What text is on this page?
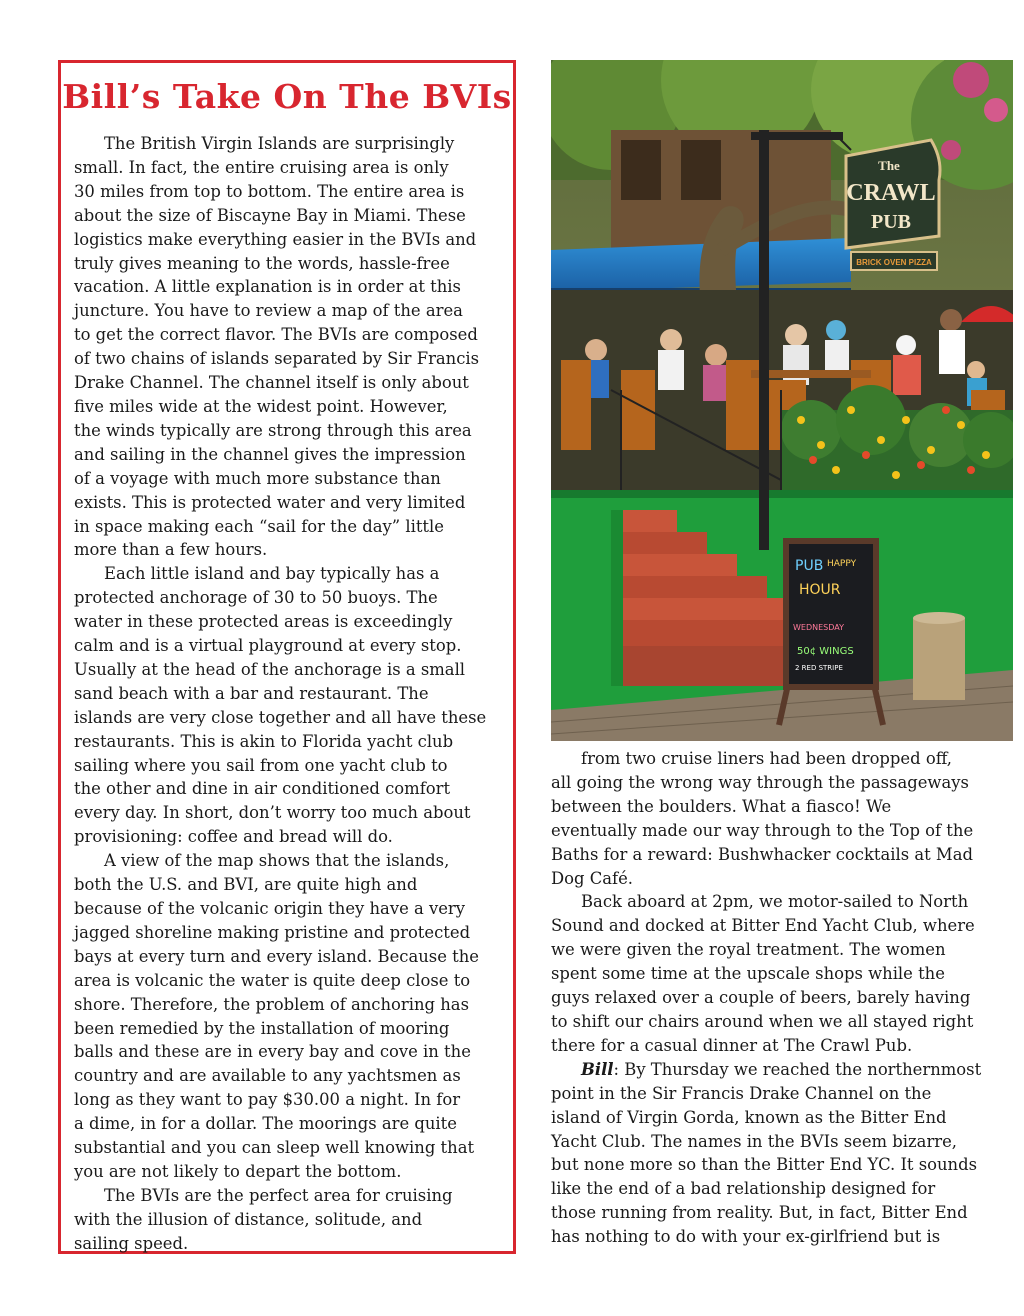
Bill’s Take On The BVIs

The British Virgin Islands are surprisingly
small. In fact, the entire cruising area is only
30 miles from top to bottom. The entire area is
about the size of Biscayne Bay in Miami. These
logistics make everything easier in the BVIs and
truly gives meaning to the words, hassle-free
vacation. A little explanation is in order at this
juncture. You have to review a map of the area
to get the correct flavor. The BVIs are composed
of two chains of islands separated by Sir Francis
Drake Channel. The channel itself is only about
five miles wide at the widest point. However,
the winds typically are strong through this area
and sailing in the channel gives the impression
of a voyage with much more substance than
exists. This is protected water and very limited
in space making each “sail for the day” little
more than a few hours.

Each little island and bay typically has a
protected anchorage of 30 to 50 buoys. The
water in these protected areas is exceedingly
calm and is a virtual playground at every stop.
Usually at the head of the anchorage is a small
sand beach with a bar and restaurant. The
islands are very close together and all have these
restaurants. This is akin to Florida yacht club
sailing where you sail from one yacht club to
the other and dine in air conditioned comfort
every day. In short, don’t worry too much about
provisioning: coffee and bread will do.

A view of the map shows that the islands,
both the U.S. and BVI, are quite high and
because of the volcanic origin they have a very
jagged shoreline making pristine and protected
bays at every turn and every island. Because the
area is volcanic the water is quite deep close to
shore. Therefore, the problem of anchoring has
been remedied by the installation of mooring
balls and these are in every bay and cove in the
country and are available to any yachtsmen as
long as they want to pay $30.00 a night. In for
a dime, in for a dollar. The moorings are quite
substantial and you can sleep well knowing that
you are not likely to depart the bottom.

The BVIs are the perfect area for cruising
with the illusion of distance, solitude, and
sailing speed.

The
CRAWL
PUB
BRICK OVEN PIZZA
PUB HAPPY
HOUR
WEDNESDAY
50¢ WINGS
2 RED STRIPE

from two cruise liners had been dropped off,
all going the wrong way through the passageways
between the boulders. What a fiasco! We
eventually made our way through to the Top of the
Baths for a reward: Bushwhacker cocktails at Mad
Dog Café.

Back aboard at 2pm, we motor-sailed to North
Sound and docked at Bitter End Yacht Club, where
we were given the royal treatment. The women
spent some time at the upscale shops while the
guys relaxed over a couple of beers, barely having
to shift our chairs around when we all stayed right
there for a casual dinner at The Crawl Pub.

Bill: By Thursday we reached the northernmost
point in the Sir Francis Drake Channel on the
island of Virgin Gorda, known as the Bitter End
Yacht Club. The names in the BVIs seem bizarre,
but none more so than the Bitter End YC. It sounds
like the end of a bad relationship designed for
those running from reality. But, in fact, Bitter End
has nothing to do with your ex-girlfriend but is
